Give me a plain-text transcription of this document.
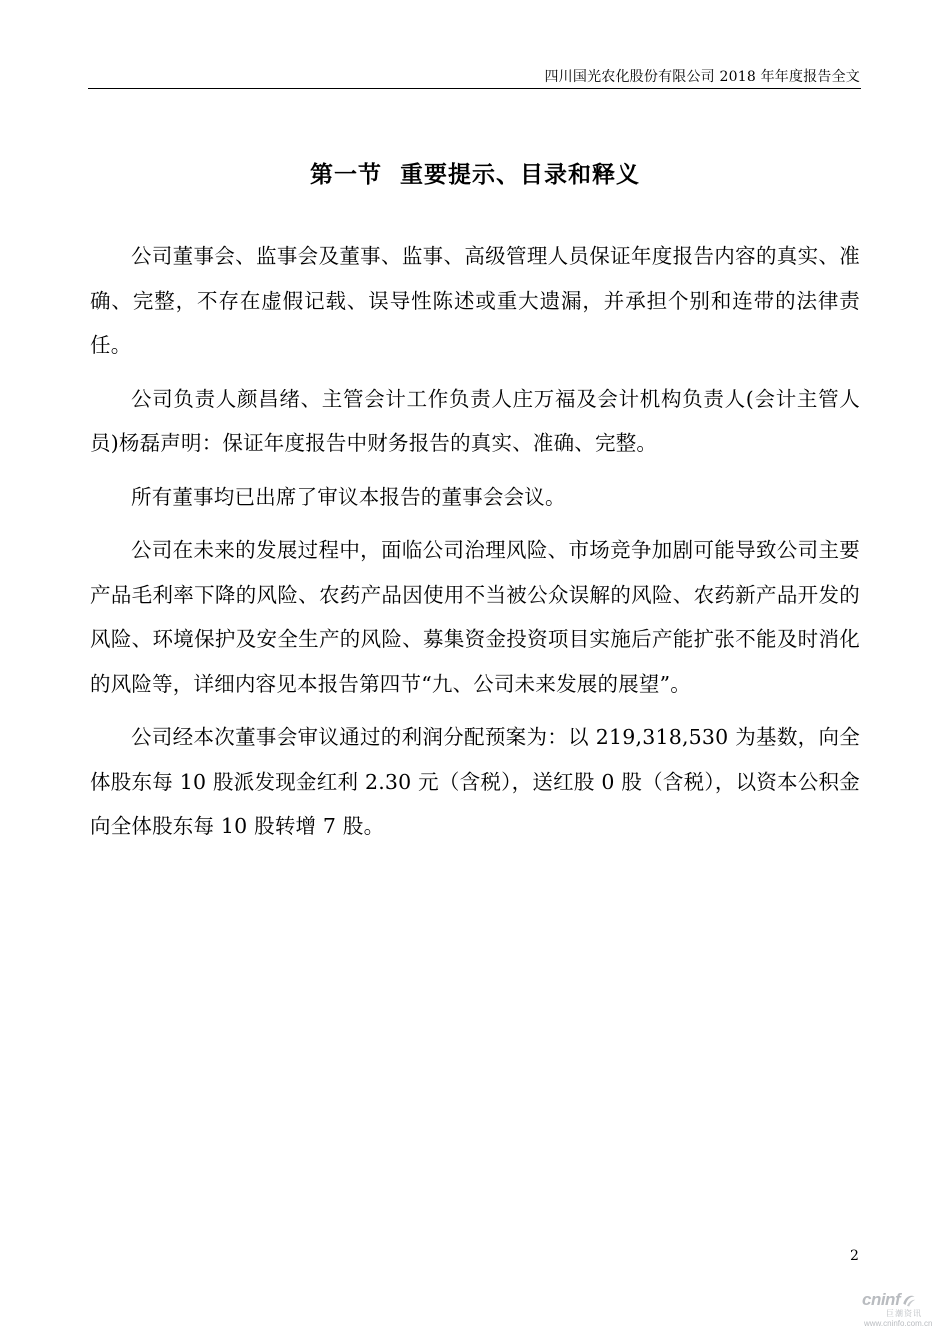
四川国光农化股份有限公司 2018 年年度报告全文
第一节  重要提示、目录和释义

公司董事会、监事会及董事、监事、高级管理人员保证年度报告内容的真实、准确、完整，不存在虚假记载、误导性陈述或重大遗漏，并承担个别和连带的法律责任。

公司负责人颜昌绪、主管会计工作负责人庄万福及会计机构负责人(会计主管人员)杨磊声明：保证年度报告中财务报告的真实、准确、完整。

所有董事均已出席了审议本报告的董事会会议。

公司在未来的发展过程中，面临公司治理风险、市场竞争加剧可能导致公司主要产品毛利率下降的风险、农药产品因使用不当被公众误解的风险、农药新产品开发的风险、环境保护及安全生产的风险、募集资金投资项目实施后产能扩张不能及时消化的风险等，详细内容见本报告第四节“九、公司未来发展的展望”。

公司经本次董事会审议通过的利润分配预案为：以 219,318,530 为基数，向全体股东每 10 股派发现金红利 2.30 元（含税），送红股 0 股（含税），以资本公积金向全体股东每 10 股转增 7 股。

2
cninf
巨潮资讯
www.cninfo.com.cn
